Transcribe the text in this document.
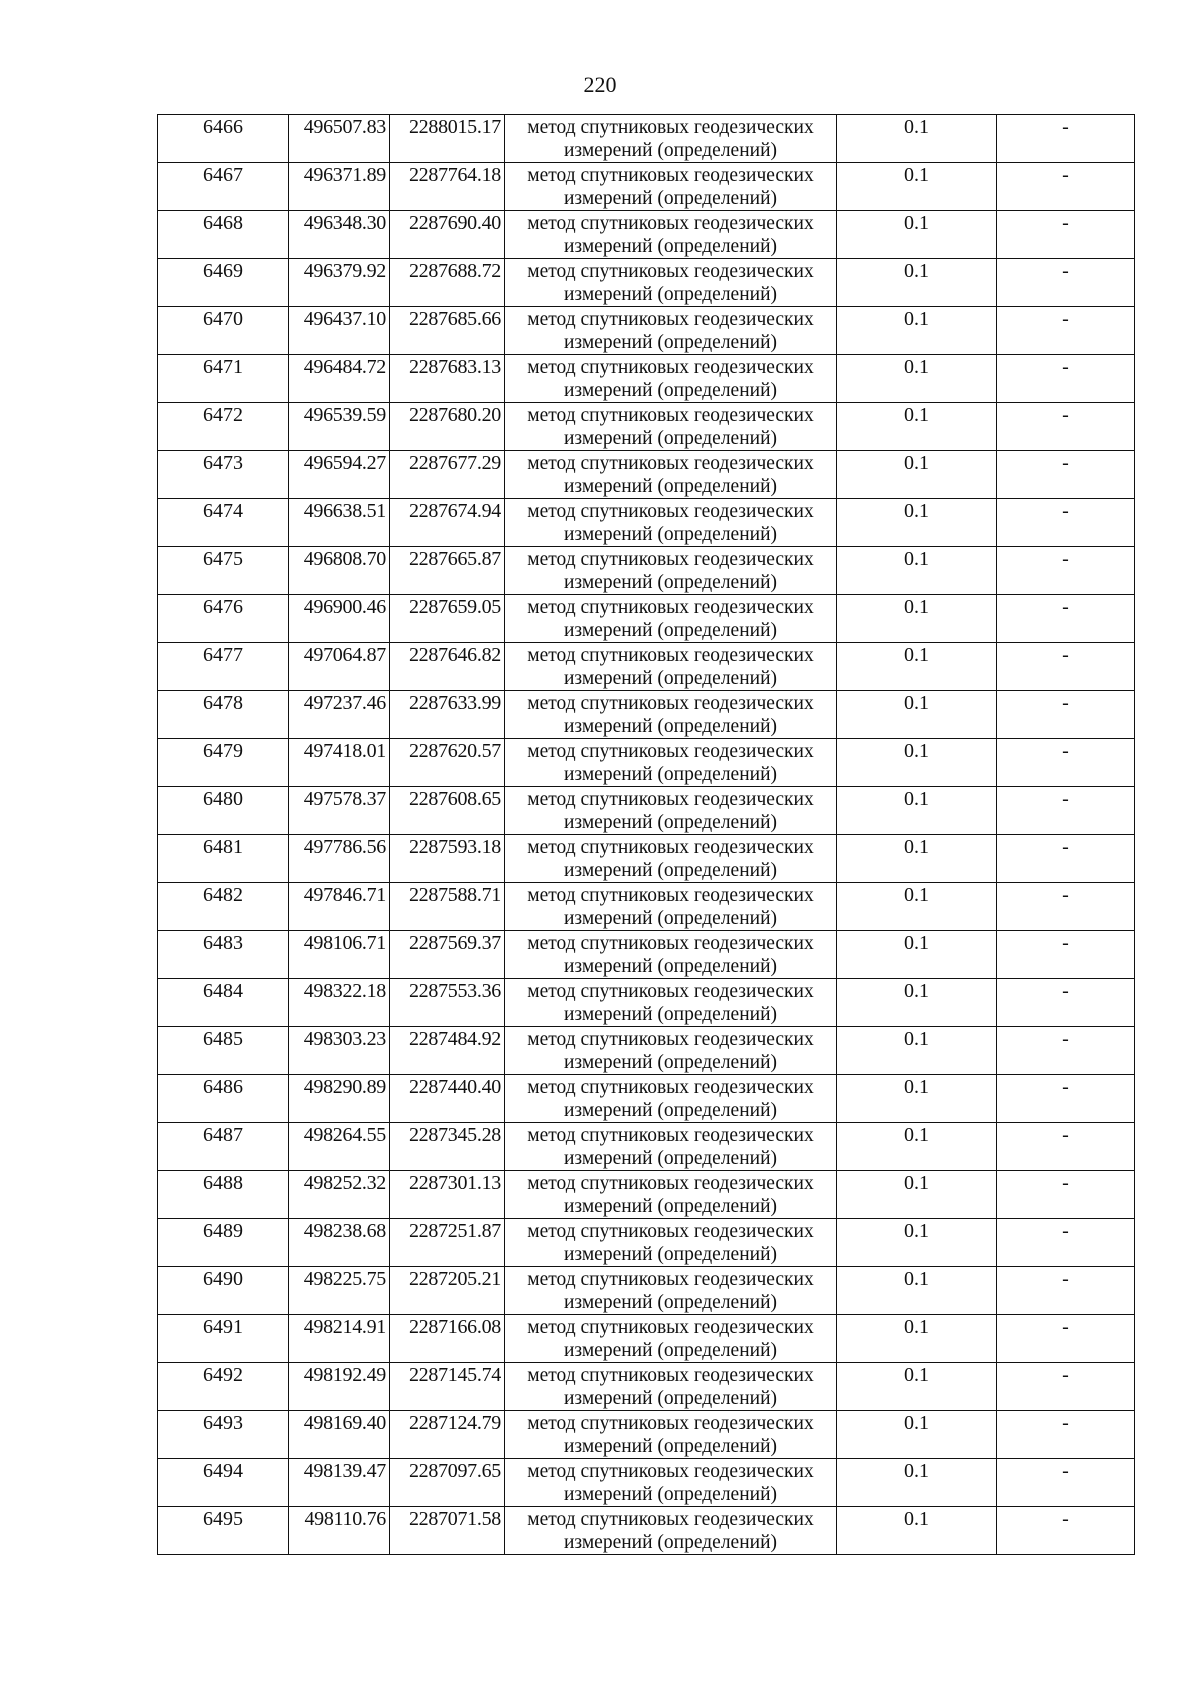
220
6466	496507.83	2288015.17	метод спутниковых геодезических
измерений (определений)	0.1	-
6467	496371.89	2287764.18	метод спутниковых геодезических
измерений (определений)	0.1	-
6468	496348.30	2287690.40	метод спутниковых геодезических
измерений (определений)	0.1	-
6469	496379.92	2287688.72	метод спутниковых геодезических
измерений (определений)	0.1	-
6470	496437.10	2287685.66	метод спутниковых геодезических
измерений (определений)	0.1	-
6471	496484.72	2287683.13	метод спутниковых геодезических
измерений (определений)	0.1	-
6472	496539.59	2287680.20	метод спутниковых геодезических
измерений (определений)	0.1	-
6473	496594.27	2287677.29	метод спутниковых геодезических
измерений (определений)	0.1	-
6474	496638.51	2287674.94	метод спутниковых геодезических
измерений (определений)	0.1	-
6475	496808.70	2287665.87	метод спутниковых геодезических
измерений (определений)	0.1	-
6476	496900.46	2287659.05	метод спутниковых геодезических
измерений (определений)	0.1	-
6477	497064.87	2287646.82	метод спутниковых геодезических
измерений (определений)	0.1	-
6478	497237.46	2287633.99	метод спутниковых геодезических
измерений (определений)	0.1	-
6479	497418.01	2287620.57	метод спутниковых геодезических
измерений (определений)	0.1	-
6480	497578.37	2287608.65	метод спутниковых геодезических
измерений (определений)	0.1	-
6481	497786.56	2287593.18	метод спутниковых геодезических
измерений (определений)	0.1	-
6482	497846.71	2287588.71	метод спутниковых геодезических
измерений (определений)	0.1	-
6483	498106.71	2287569.37	метод спутниковых геодезических
измерений (определений)	0.1	-
6484	498322.18	2287553.36	метод спутниковых геодезических
измерений (определений)	0.1	-
6485	498303.23	2287484.92	метод спутниковых геодезических
измерений (определений)	0.1	-
6486	498290.89	2287440.40	метод спутниковых геодезических
измерений (определений)	0.1	-
6487	498264.55	2287345.28	метод спутниковых геодезических
измерений (определений)	0.1	-
6488	498252.32	2287301.13	метод спутниковых геодезических
измерений (определений)	0.1	-
6489	498238.68	2287251.87	метод спутниковых геодезических
измерений (определений)	0.1	-
6490	498225.75	2287205.21	метод спутниковых геодезических
измерений (определений)	0.1	-
6491	498214.91	2287166.08	метод спутниковых геодезических
измерений (определений)	0.1	-
6492	498192.49	2287145.74	метод спутниковых геодезических
измерений (определений)	0.1	-
6493	498169.40	2287124.79	метод спутниковых геодезических
измерений (определений)	0.1	-
6494	498139.47	2287097.65	метод спутниковых геодезических
измерений (определений)	0.1	-
6495	498110.76	2287071.58	метод спутниковых геодезических
измерений (определений)	0.1	-
